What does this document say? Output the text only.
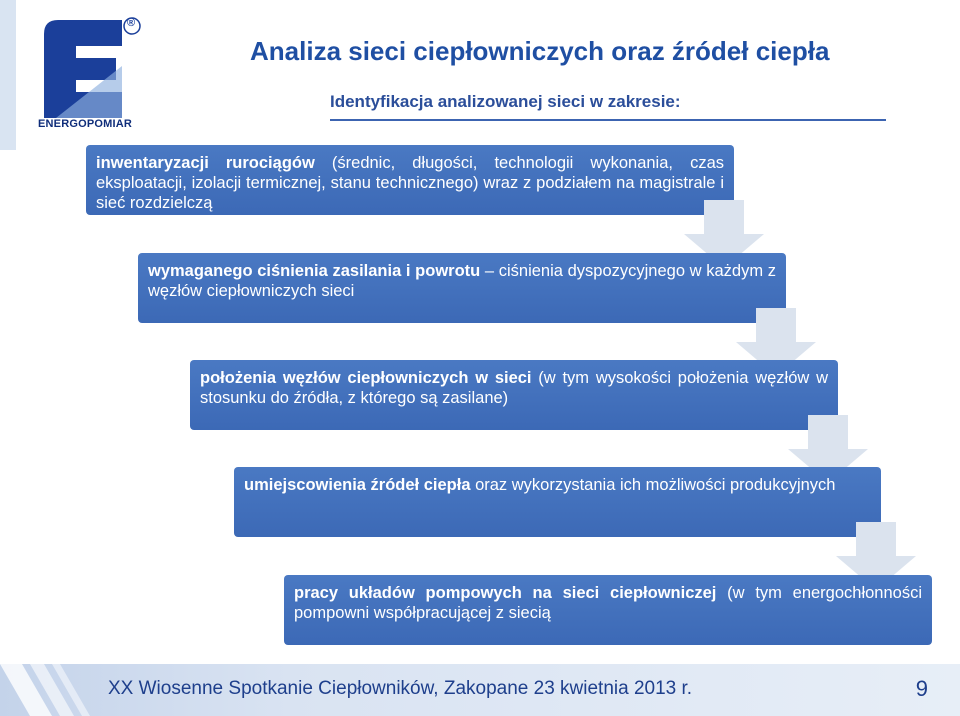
®
ENERGOPOMIAR
Analiza sieci ciepłowniczych oraz źródeł ciepła
Identyfikacja analizowanej sieci w zakresie:
inwentaryzacji rurociągów (średnic, długości, technologii wykonania, czas eksploatacji, izolacji termicznej, stanu technicznego) wraz z podziałem na magistrale i sieć rozdzielczą
wymaganego ciśnienia zasilania i powrotu – ciśnienia dyspozycyjnego w każdym z węzłów ciepłowniczych sieci
położenia węzłów ciepłowniczych w sieci (w tym wysokości położenia węzłów w stosunku do źródła, z którego są zasilane)
umiejscowienia źródeł ciepła oraz wykorzystania ich możliwości produkcyjnych
pracy układów pompowych na sieci ciepłowniczej (w tym energochłonności pompowni współpracującej z siecią
XX Wiosenne Spotkanie Ciepłowników, Zakopane 23 kwietnia 2013 r.	9
